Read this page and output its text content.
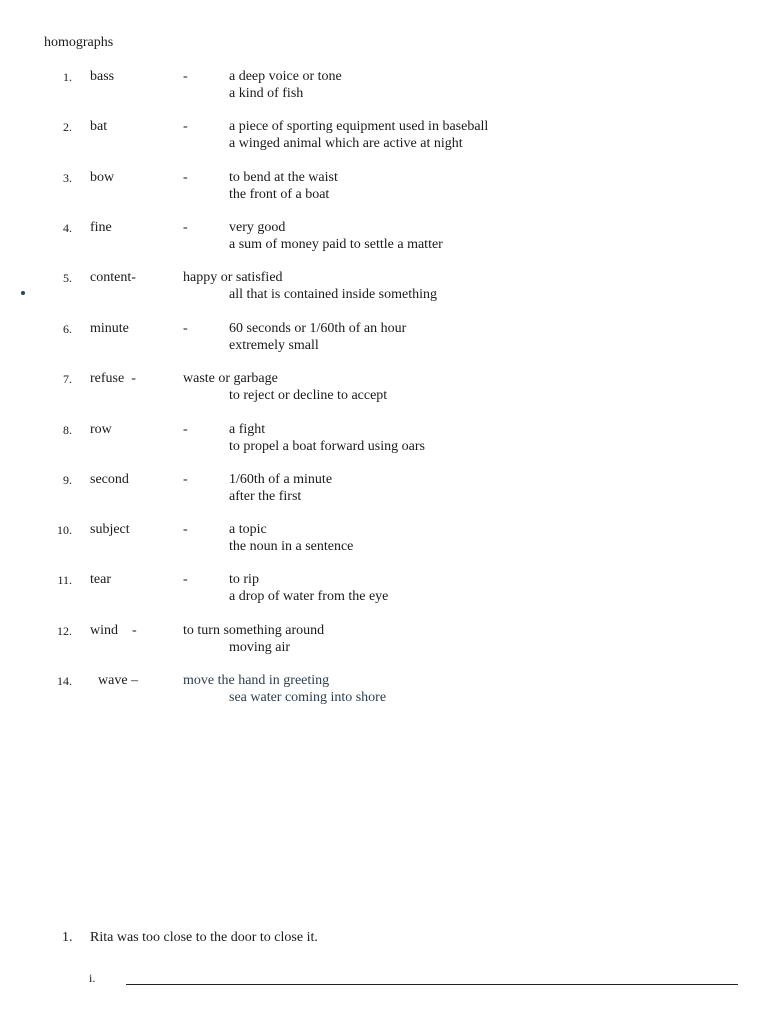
homographs
1. bass	-	a deep voice or tone
a kind of fish
2. bat	-	a piece of sporting equipment used in baseball
a winged animal which are active at night
3. bow	-	to bend at the waist
the front of a boat
4. fine	-	very good
a sum of money paid to settle a matter
5. content-	happy or satisfied
all that is contained inside something
6. minute	-	60 seconds or 1/60th of an hour
extremely small
7. refuse  -	waste or garbage
to reject or decline to accept
8. row	-	a fight
to propel a boat forward using oars
9. second	-	1/60th of a minute
after the first
10. subject	-	a topic
the noun in a sentence
11. tear	-	to rip
a drop of water from the eye
12. wind    -	to turn something around
moving air
14. wave –	move the hand in greeting
sea water coming into shore
1. Rita was too close to the door to close it.
i.
